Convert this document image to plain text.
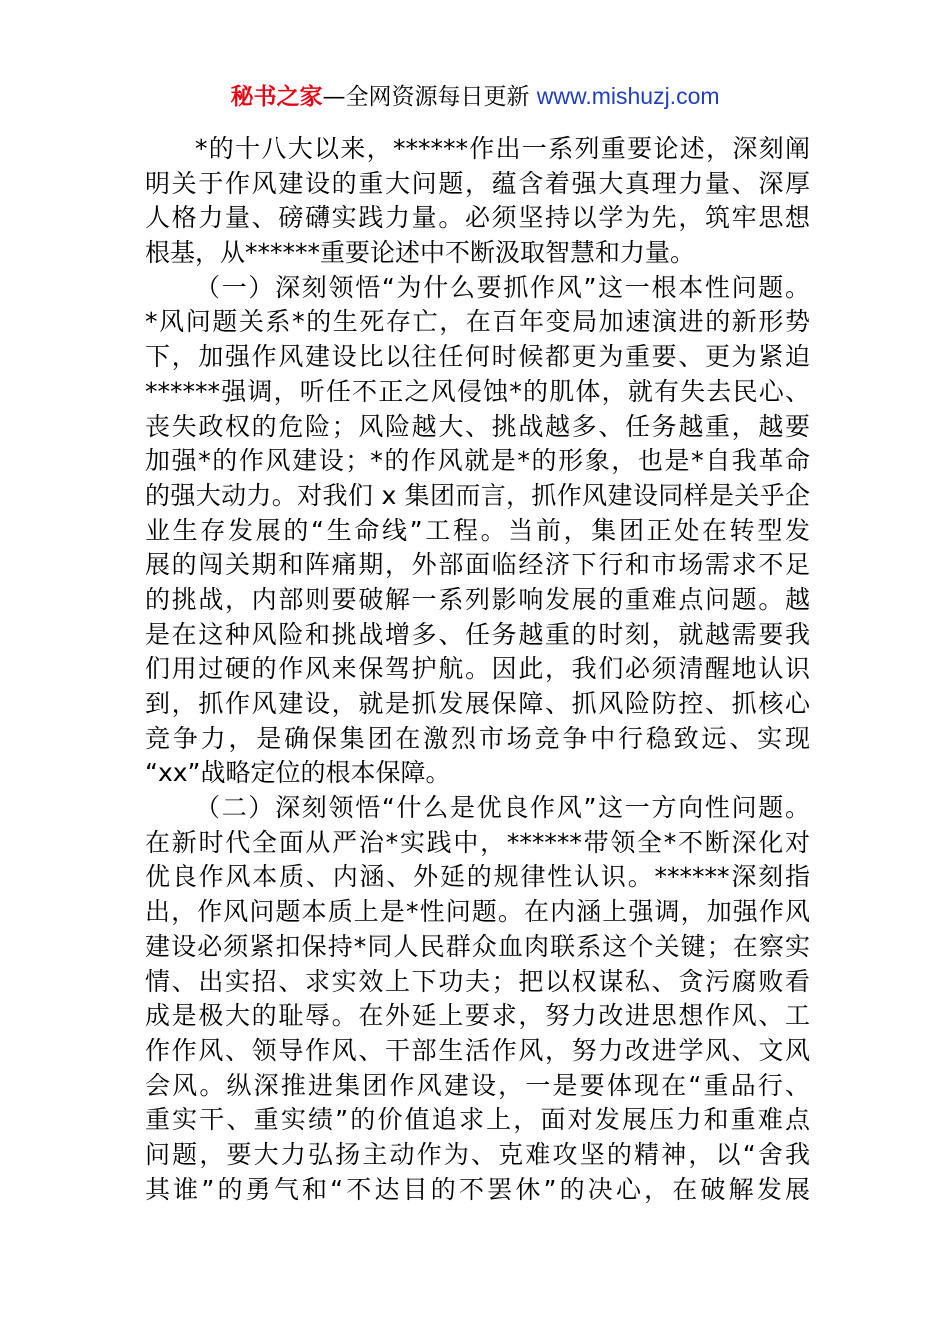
秘书之家—全网资源每日更新 www.mishuzj.com
*的十八大以来，******作出一系列重要论述，深刻阐
明关于作风建设的重大问题，蕴含着强大真理力量、深厚
人格力量、磅礴实践力量。必须坚持以学为先，筑牢思想
根基，从******重要论述中不断汲取智慧和力量。
（一）深刻领悟“为什么要抓作风”这一根本性问题。
*风问题关系*的生死存亡，在百年变局加速演进的新形势
下，加强作风建设比以往任何时候都更为重要、更为紧迫
******强调，听任不正之风侵蚀*的肌体，就有失去民心、
丧失政权的危险；风险越大、挑战越多、任务越重，越要
加强*的作风建设；*的作风就是*的形象，也是*自我革命
的强大动力。对我们 x 集团而言，抓作风建设同样是关乎企
业生存发展的“生命线”工程。当前，集团正处在转型发
展的闯关期和阵痛期，外部面临经济下行和市场需求不足
的挑战，内部则要破解一系列影响发展的重难点问题。越
是在这种风险和挑战增多、任务越重的时刻，就越需要我
们用过硬的作风来保驾护航。因此，我们必须清醒地认识
到，抓作风建设，就是抓发展保障、抓风险防控、抓核心
竞争力，是确保集团在激烈市场竞争中行稳致远、实现
“xx”战略定位的根本保障。
（二）深刻领悟“什么是优良作风”这一方向性问题。
在新时代全面从严治*实践中，******带领全*不断深化对
优良作风本质、内涵、外延的规律性认识。******深刻指
出，作风问题本质上是*性问题。在内涵上强调，加强作风
建设必须紧扣保持*同人民群众血肉联系这个关键；在察实
情、出实招、求实效上下功夫；把以权谋私、贪污腐败看
成是极大的耻辱。在外延上要求，努力改进思想作风、工
作作风、领导作风、干部生活作风，努力改进学风、文风
会风。纵深推进集团作风建设，一是要体现在“重品行、
重实干、重实绩”的价值追求上，面对发展压力和重难点
问题，要大力弘扬主动作为、克难攻坚的精神，以“舍我
其谁”的勇气和“不达目的不罢休”的决心，在破解发展
